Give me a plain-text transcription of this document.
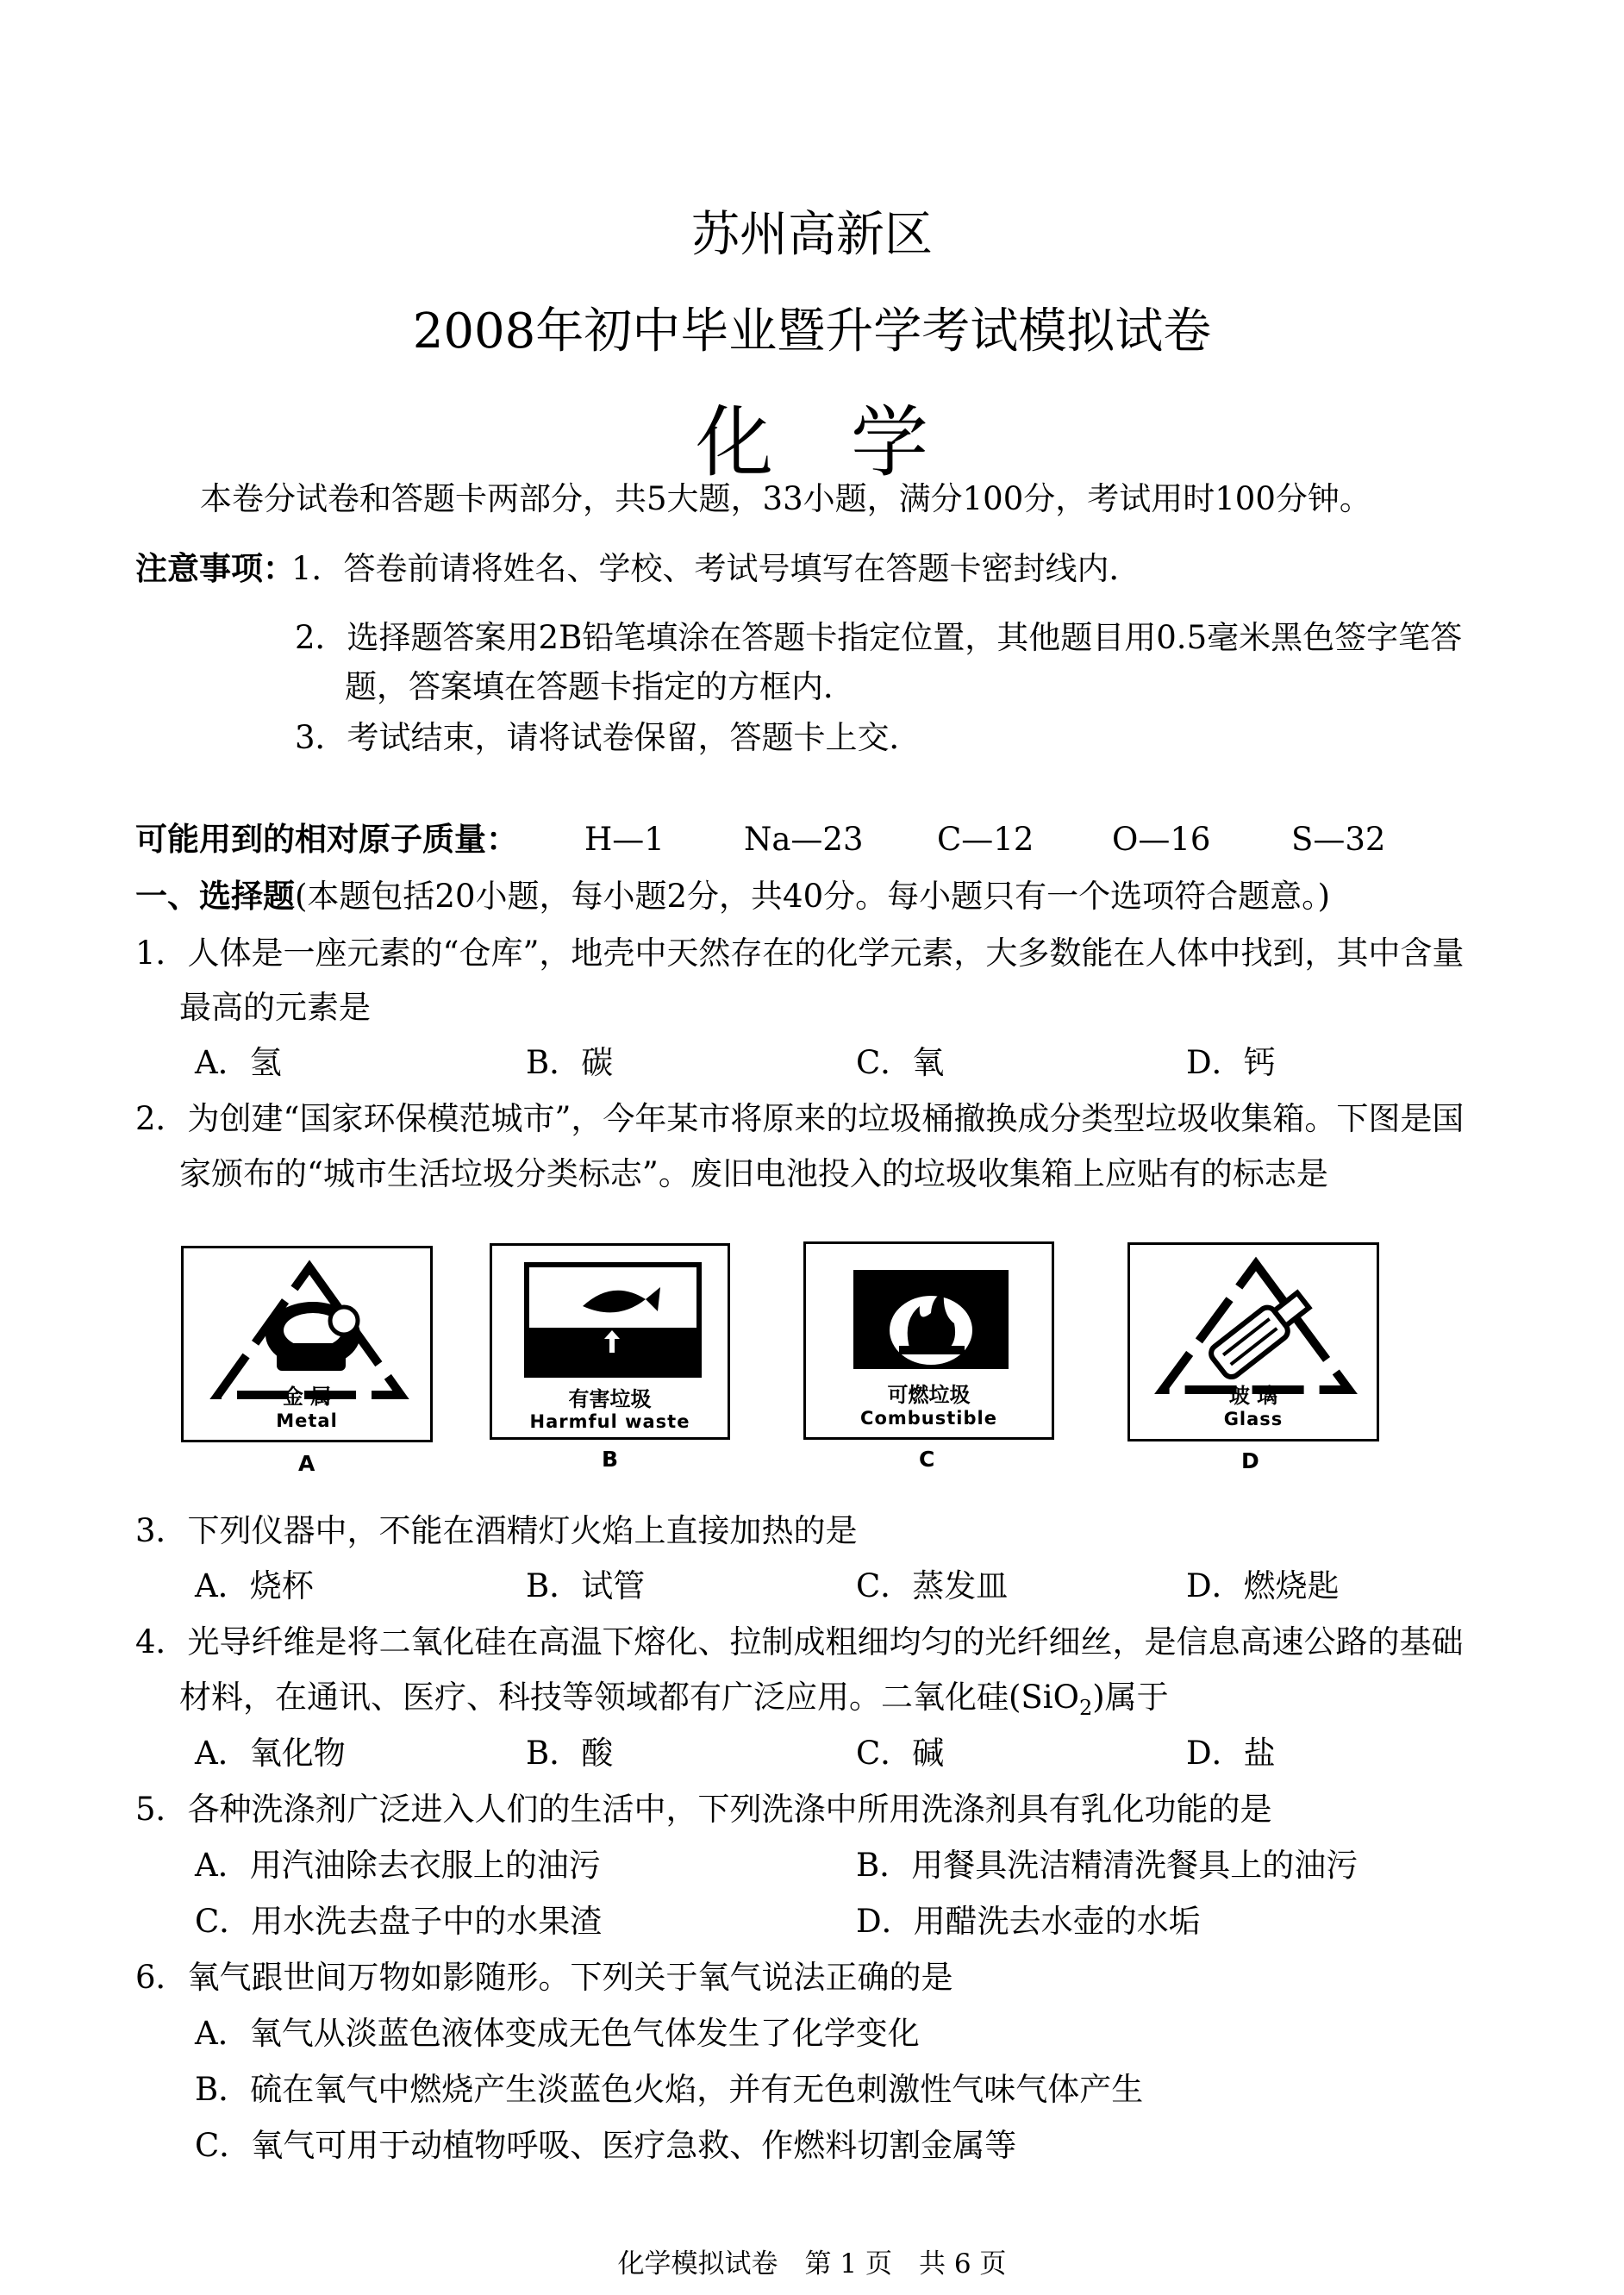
苏州高新区
2008年初中毕业暨升学考试模拟试卷
化学
本卷分试卷和答题卡两部分，共5大题，33小题，满分100分，考试用时100分钟。
注意事项：
1．答卷前请将姓名、学校、考试号填写在答题卡密封线内．
2．选择题答案用2B铅笔填涂在答题卡指定位置，其他题目用0.5毫米黑色签字笔答
题，答案填在答题卡指定的方框内．
3．考试结束，请将试卷保留，答题卡上交．
可能用到的相对原子质量： H—1 Na—23 C—12 O—16	S—32
一、选择题(本题包括20小题，每小题2分，共40分。每小题只有一个选项符合题意。)
1．人体是一座元素的“仓库”，地壳中天然存在的化学元素，大多数能在人体中找到，其中含量
最高的元素是
A．氢	B．碳	C．氧	D．钙
2．为创建“国家环保模范城市”，今年某市将原来的垃圾桶撤换成分类型垃圾收集箱。下图是国
家颁布的“城市生活垃圾分类标志”。废旧电池投入的垃圾收集箱上应贴有的标志是
金 属
Metal
A
有害垃圾
Harmful waste
B
可燃垃圾
Combustible
C
玻 璃
Glass
D
3．下列仪器中，不能在酒精灯火焰上直接加热的是
A．烧杯	B．试管	C．蒸发皿	D．燃烧匙
4．光导纤维是将二氧化硅在高温下熔化、拉制成粗细均匀的光纤细丝，是信息高速公路的基础
材料，在通讯、医疗、科技等领域都有广泛应用。二氧化硅(SiO$_2$)属于
A．氧化物	B．酸	C．碱	D．盐
5．各种洗涤剂广泛进入人们的生活中，下列洗涤中所用洗涤剂具有乳化功能的是
A．用汽油除去衣服上的油污	B．用餐具洗洁精清洗餐具上的油污
C．用水洗去盘子中的水果渣	D．用醋洗去水壶的水垢
6．氧气跟世间万物如影随形。下列关于氧气说法正确的是
A．氧气从淡蓝色液体变成无色气体发生了化学变化
B．硫在氧气中燃烧产生淡蓝色火焰，并有无色刺激性气味气体产生
C．氧气可用于动植物呼吸、医疗急救、作燃料切割金属等
化学模拟试卷　第 1 页　共 6 页
